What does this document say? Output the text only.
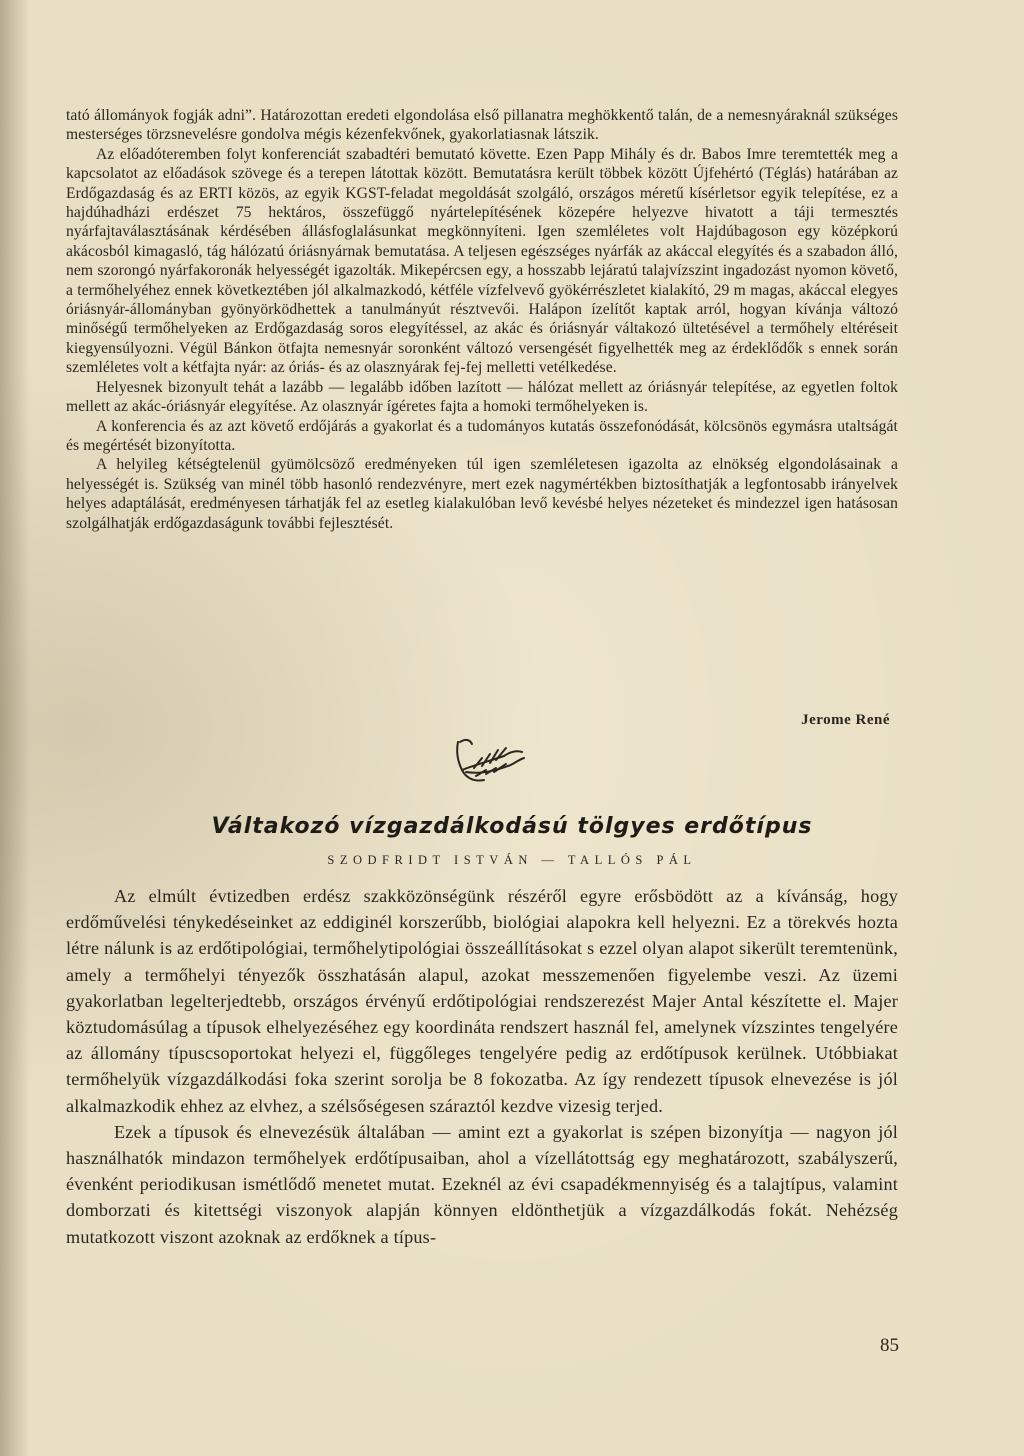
tató állományok fogják adni”. Határozottan eredeti elgondolása első pillanatra meghökkentő talán, de a nemesnyáraknál szükséges mesterséges törzsnevelésre gondolva mégis kézenfekvőnek, gyakorlatiasnak látszik.

Az előadóteremben folyt konferenciát szabadtéri bemutató követte. Ezen Papp Mihály és dr. Babos Imre teremtették meg a kapcsolatot az előadások szövege és a terepen látottak között. Bemutatásra került többek között Újfehértó (Téglás) határában az Erdőgazdaság és az ERTI közös, az egyik KGST-feladat megoldását szolgáló, országos méretű kísérletsor egyik telepítése, ez a hajdúhadházi erdészet 75 hektáros, összefüggő nyártelepítésének közepére helyezve hivatott a táji termesztés nyárfajtaválasztásának kérdésében állásfoglalásunkat megkönnyíteni. Igen szemléletes volt Hajdúbagoson egy középkorú akácosból kimagasló, tág hálózatú óriásnyárnak bemutatása. A teljesen egészséges nyárfák az akáccal elegyítés és a szabadon álló, nem szorongó nyárfakoronák helyességét igazolták. Mikepércsen egy, a hosszabb lejáratú talajvízszint ingadozást nyomon követő, a termőhelyéhez ennek következtében jól alkalmazkodó, kétféle vízfelvevő gyökérrészletet kialakító, 29 m magas, akáccal elegyes óriásnyár-állományban gyönyörködhettek a tanulmányút résztvevői. Halápon ízelítőt kaptak arról, hogyan kívánja változó minőségű termőhelyeken az Erdőgazdaság soros elegyítéssel, az akác és óriásnyár váltakozó ültetésével a termőhely eltéréseit kiegyensúlyozni. Végül Bánkon ötfajta nemesnyár soronként változó versengését figyelhették meg az érdeklődők s ennek során szemléletes volt a kétfajta nyár: az óriás- és az olasznyárak fej-fej melletti vetélkedése.

Helyesnek bizonyult tehát a lazább — legalább időben lazított — hálózat mellett az óriásnyár telepítése, az egyetlen foltok mellett az akác-óriásnyár elegyítése. Az olasznyár ígéretes fajta a homoki termőhelyeken is.

A konferencia és az azt követő erdőjárás a gyakorlat és a tudományos kutatás összefonódását, kölcsönös egymásra utaltságát és megértését bizonyította.

A helyileg kétségtelenül gyümölcsöző eredményeken túl igen szemléletesen igazolta az elnökség elgondolásainak a helyességét is. Szükség van minél több hasonló rendezvényre, mert ezek nagymértékben biztosíthatják a legfontosabb irányelvek helyes adaptálását, eredményesen tárhatják fel az esetleg kialakulóban levő kevésbé helyes nézeteket és mindezzel igen hatásosan szolgálhatják erdőgazdaságunk további fejlesztését.

Jerome René
Váltakozó vízgazdálkodású tölgyes erdőtípus
SZODFRIDT ISTVÁN — TALLÓS PÁL

Az elmúlt évtizedben erdész szakközönségünk részéről egyre erősbödött az a kívánság, hogy erdőművelési ténykedéseinket az eddiginél korszerűbb, biológiai alapokra kell helyezni. Ez a törekvés hozta létre nálunk is az erdőtipológiai, termőhelytipológiai összeállításokat s ezzel olyan alapot sikerült teremtenünk, amely a termőhelyi tényezők összhatásán alapul, azokat messzemenően figyelembe veszi. Az üzemi gyakorlatban legelterjedtebb, országos érvényű erdőtipológiai rendszerezést Majer Antal készítette el. Majer köztudomásúlag a típusok elhelyezéséhez egy koordináta rendszert használ fel, amelynek vízszintes tengelyére az állomány típuscsoportokat helyezi el, függőleges tengelyére pedig az erdőtípusok kerülnek. Utóbbiakat termőhelyük vízgazdálkodási foka szerint sorolja be 8 fokozatba. Az így rendezett típusok elnevezése is jól alkalmazkodik ehhez az elvhez, a szélsőségesen száraztól kezdve vizesig terjed.

Ezek a típusok és elnevezésük általában — amint ezt a gyakorlat is szépen bizonyítja — nagyon jól használhatók mindazon termőhelyek erdőtípusaiban, ahol a vízellátottság egy meghatározott, szabályszerű, évenként periodikusan ismétlődő menetet mutat. Ezeknél az évi csapadékmennyiség és a talajtípus, valamint domborzati és kitettségi viszonyok alapján könnyen eldönthetjük a vízgazdálkodás fokát. Nehézség mutatkozott viszont azoknak az erdőknek a típus-

85
